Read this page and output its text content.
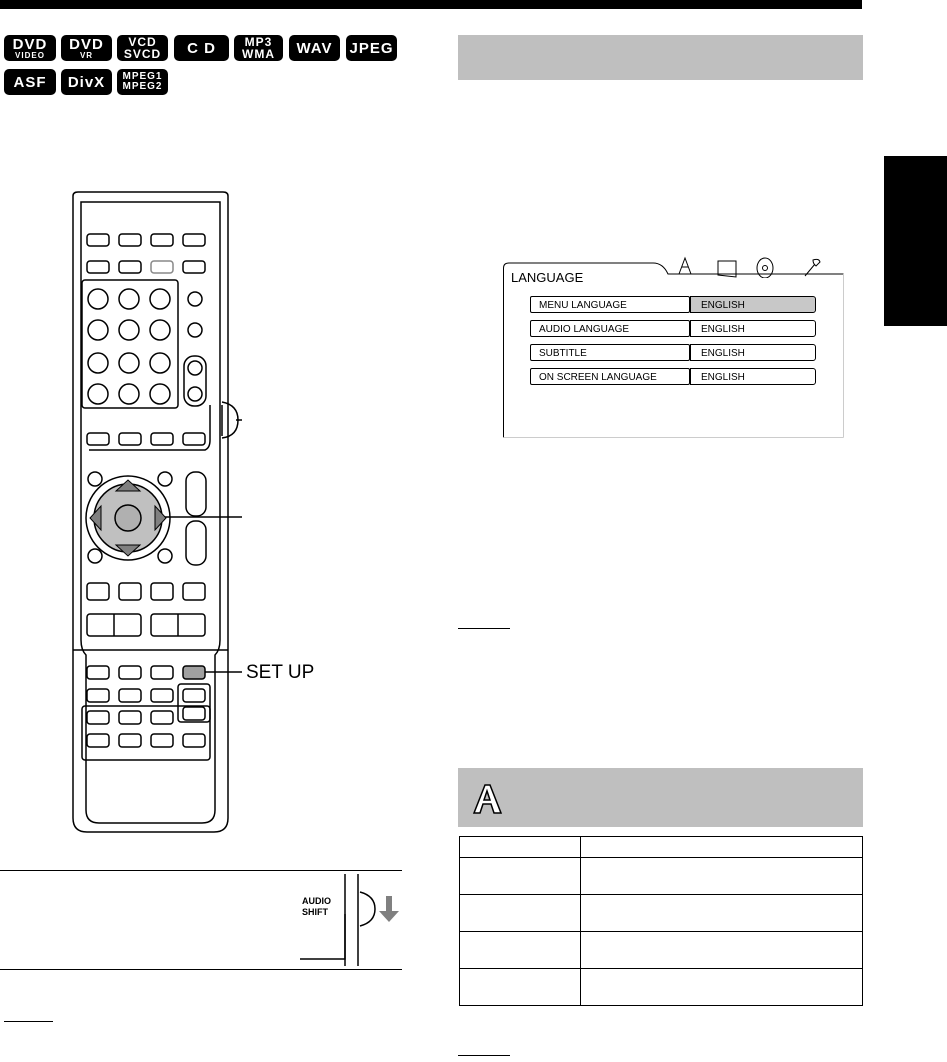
DVD
VIDEO
DVD
VR
VCD
SVCD C D MP3
WMA WAV JPEG
ASF DivX MPEG1
MPEG2
SET UP
AUDIO
SHIFT
LANGUAGE
MENU LANGUAGE	ENGLISH
AUDIO LANGUAGE	ENGLISH
SUBTITLE	ENGLISH
ON SCREEN LANGUAGE	ENGLISH
